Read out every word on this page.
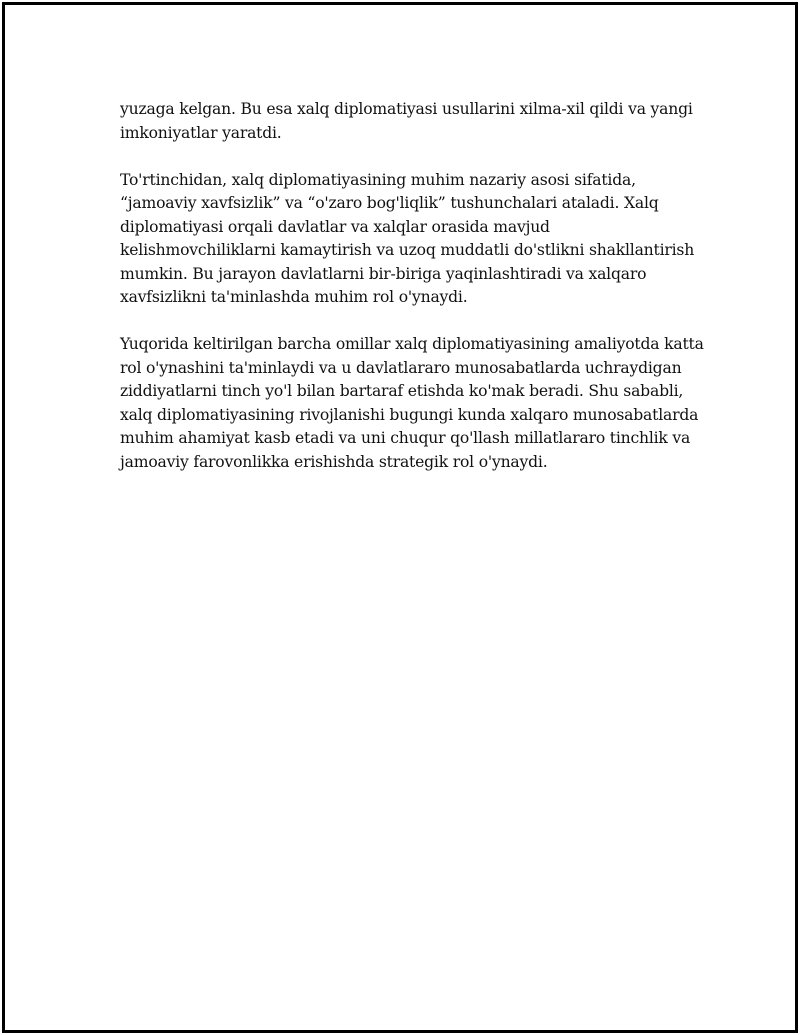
yuzaga kelgan. Bu esa xalq diplomatiyasi usullarini xilma-xil qildi va yangi
imkoniyatlar yaratdi.

To'rtinchidan, xalq diplomatiyasining muhim nazariy asosi sifatida,
“jamoaviy xavfsizlik” va “o'zaro bog'liqlik” tushunchalari ataladi. Xalq
diplomatiyasi orqali davlatlar va xalqlar orasida mavjud
kelishmovchiliklarni kamaytirish va uzoq muddatli do'stlikni shakllantirish
mumkin. Bu jarayon davlatlarni bir-biriga yaqinlashtiradi va xalqaro
xavfsizlikni ta'minlashda muhim rol o'ynaydi.

Yuqorida keltirilgan barcha omillar xalq diplomatiyasining amaliyotda katta
rol o'ynashini ta'minlaydi va u davlatlararo munosabatlarda uchraydigan
ziddiyatlarni tinch yo'l bilan bartaraf etishda ko'mak beradi. Shu sababli,
xalq diplomatiyasining rivojlanishi bugungi kunda xalqaro munosabatlarda
muhim ahamiyat kasb etadi va uni chuqur qo'llash millatlararo tinchlik va
jamoaviy farovonlikka erishishda strategik rol o'ynaydi.
